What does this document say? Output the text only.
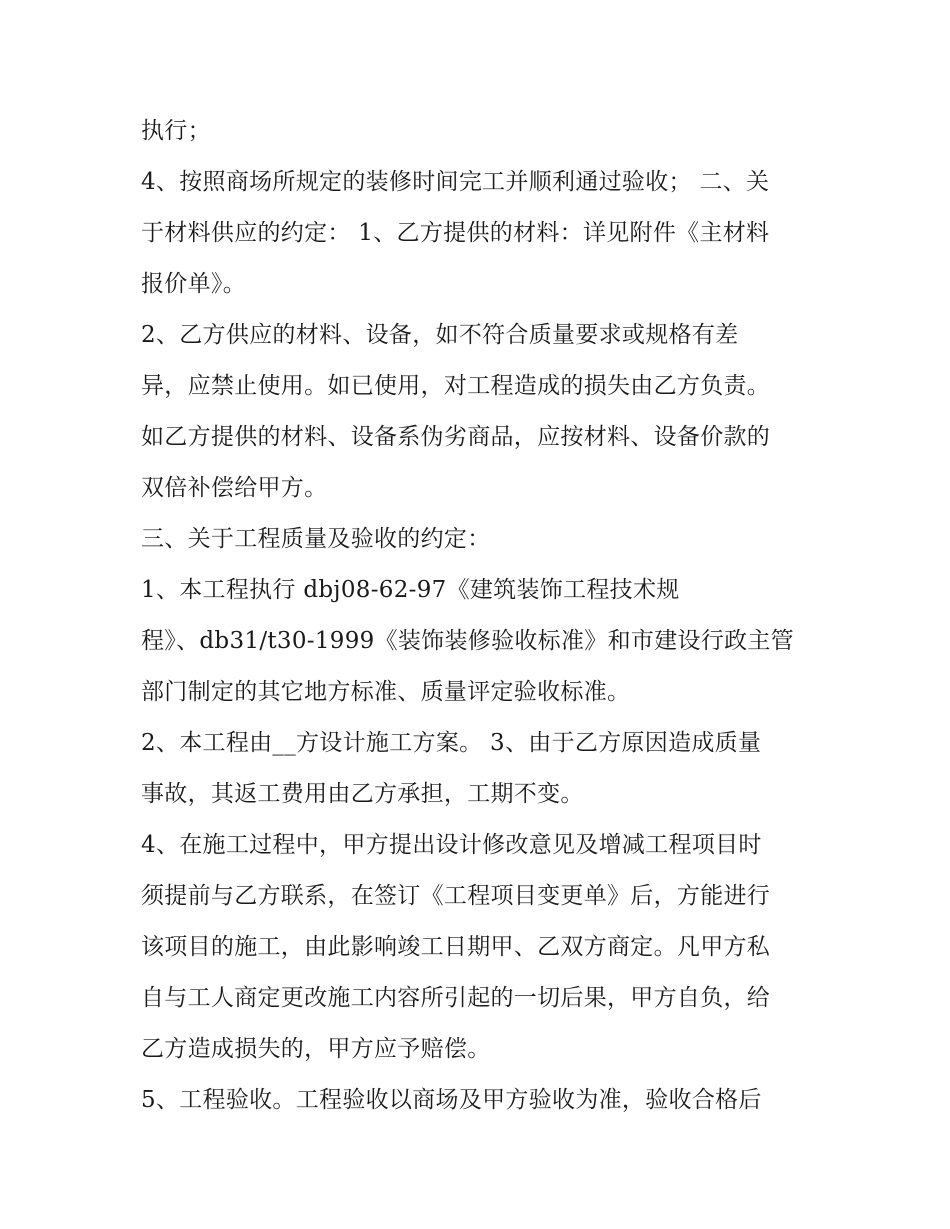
执行；
4、按照商场所规定的装修时间完工并顺利通过验收； 二、关
于材料供应的约定： 1、乙方提供的材料：详见附件《主材料
报价单》。
2、乙方供应的材料、设备，如不符合质量要求或规格有差
异，应禁止使用。如已使用，对工程造成的损失由乙方负责。
如乙方提供的材料、设备系伪劣商品，应按材料、设备价款的
双倍补偿给甲方。
三、关于工程质量及验收的约定：
1、本工程执行 dbj08-62-97《建筑装饰工程技术规
程》、db31/t30-1999《装饰装修验收标准》和市建设行政主管
部门制定的其它地方标准、质量评定验收标准。
2、本工程由__方设计施工方案。 3、由于乙方原因造成质量
事故，其返工费用由乙方承担，工期不变。
4、在施工过程中，甲方提出设计修改意见及增减工程项目时
须提前与乙方联系，在签订《工程项目变更单》后，方能进行
该项目的施工，由此影响竣工日期甲、乙双方商定。凡甲方私
自与工人商定更改施工内容所引起的一切后果，甲方自负，给
乙方造成损失的，甲方应予赔偿。
5、工程验收。工程验收以商场及甲方验收为准，验收合格后
